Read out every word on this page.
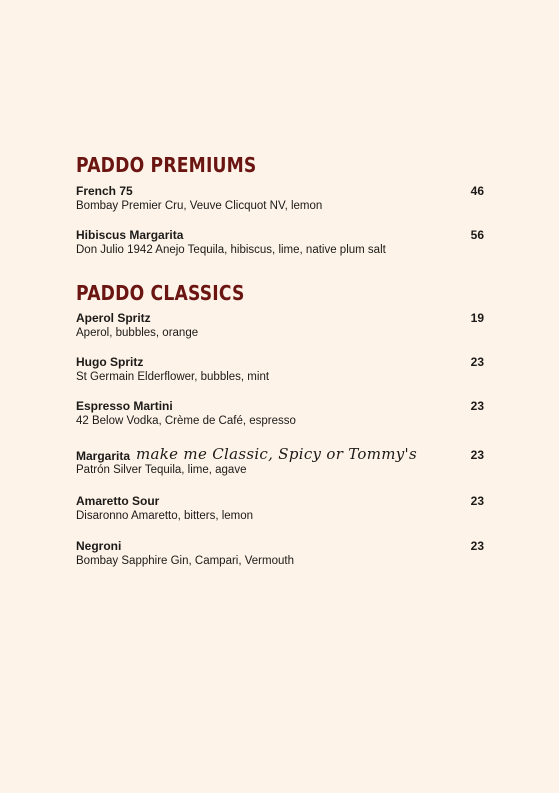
PADDO PREMIUMS
French 75	46
Bombay Premier Cru, Veuve Clicquot NV, lemon
Hibiscus Margarita	56
Don Julio 1942 Anejo Tequila, hibiscus, lime, native plum salt
PADDO CLASSICS
Aperol Spritz	19
Aperol, bubbles, orange
Hugo Spritz	23
St Germain Elderflower, bubbles, mint
Espresso Martini	23
42 Below Vodka, Crème de Café, espresso
Margarita make me Classic, Spicy or Tommy's	23
Patrón Silver Tequila, lime, agave
Amaretto Sour	23
Disaronno Amaretto, bitters, lemon
Negroni	23
Bombay Sapphire Gin, Campari, Vermouth
